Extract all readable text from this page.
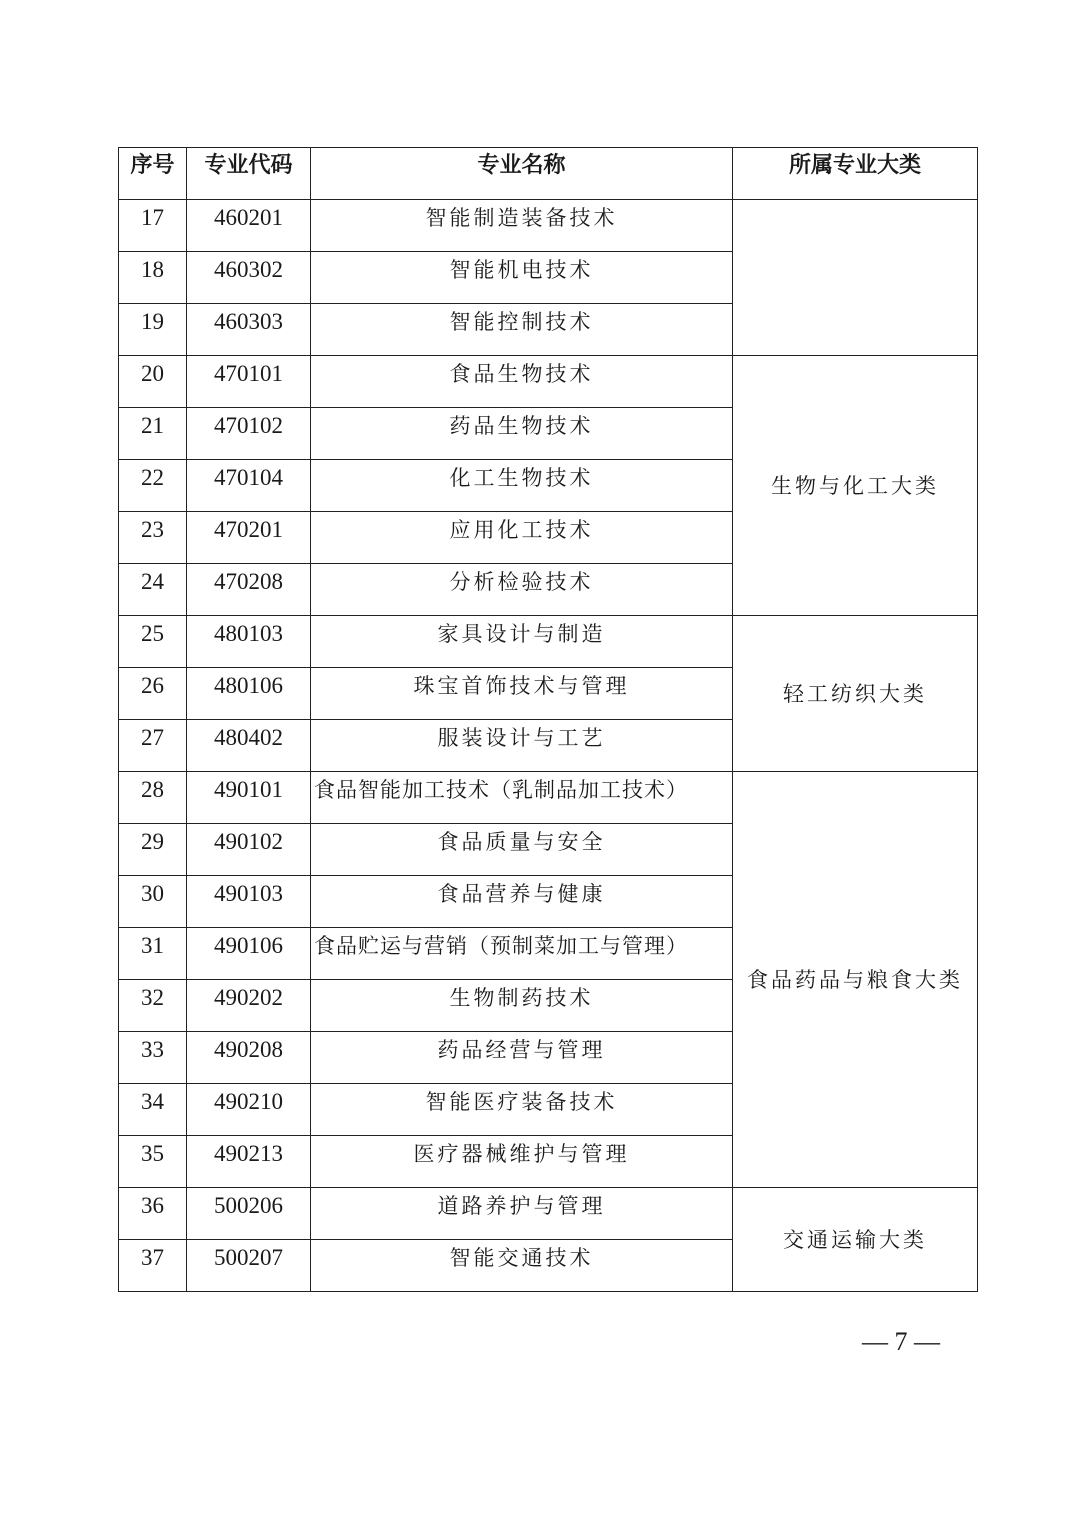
序号	专业代码	专业名称	所属专业大类
17	460201	智能制造装备技术	
18	460302	智能机电技术	
19	460303	智能控制技术	
20	470101	食品生物技术	生物与化工大类
21	470102	药品生物技术	
22	470104	化工生物技术	
23	470201	应用化工技术	
24	470208	分析检验技术	
25	480103	家具设计与制造	轻工纺织大类
26	480106	珠宝首饰技术与管理	
27	480402	服装设计与工艺	
28	490101	食品智能加工技术（乳制品加工技术）	食品药品与粮食大类
29	490102	食品质量与安全	
30	490103	食品营养与健康	
31	490106	食品贮运与营销（预制菜加工与管理）	
32	490202	生物制药技术	
33	490208	药品经营与管理	
34	490210	智能医疗装备技术	
35	490213	医疗器械维护与管理	
36	500206	道路养护与管理	交通运输大类
37	500207	智能交通技术	
— 7 —
